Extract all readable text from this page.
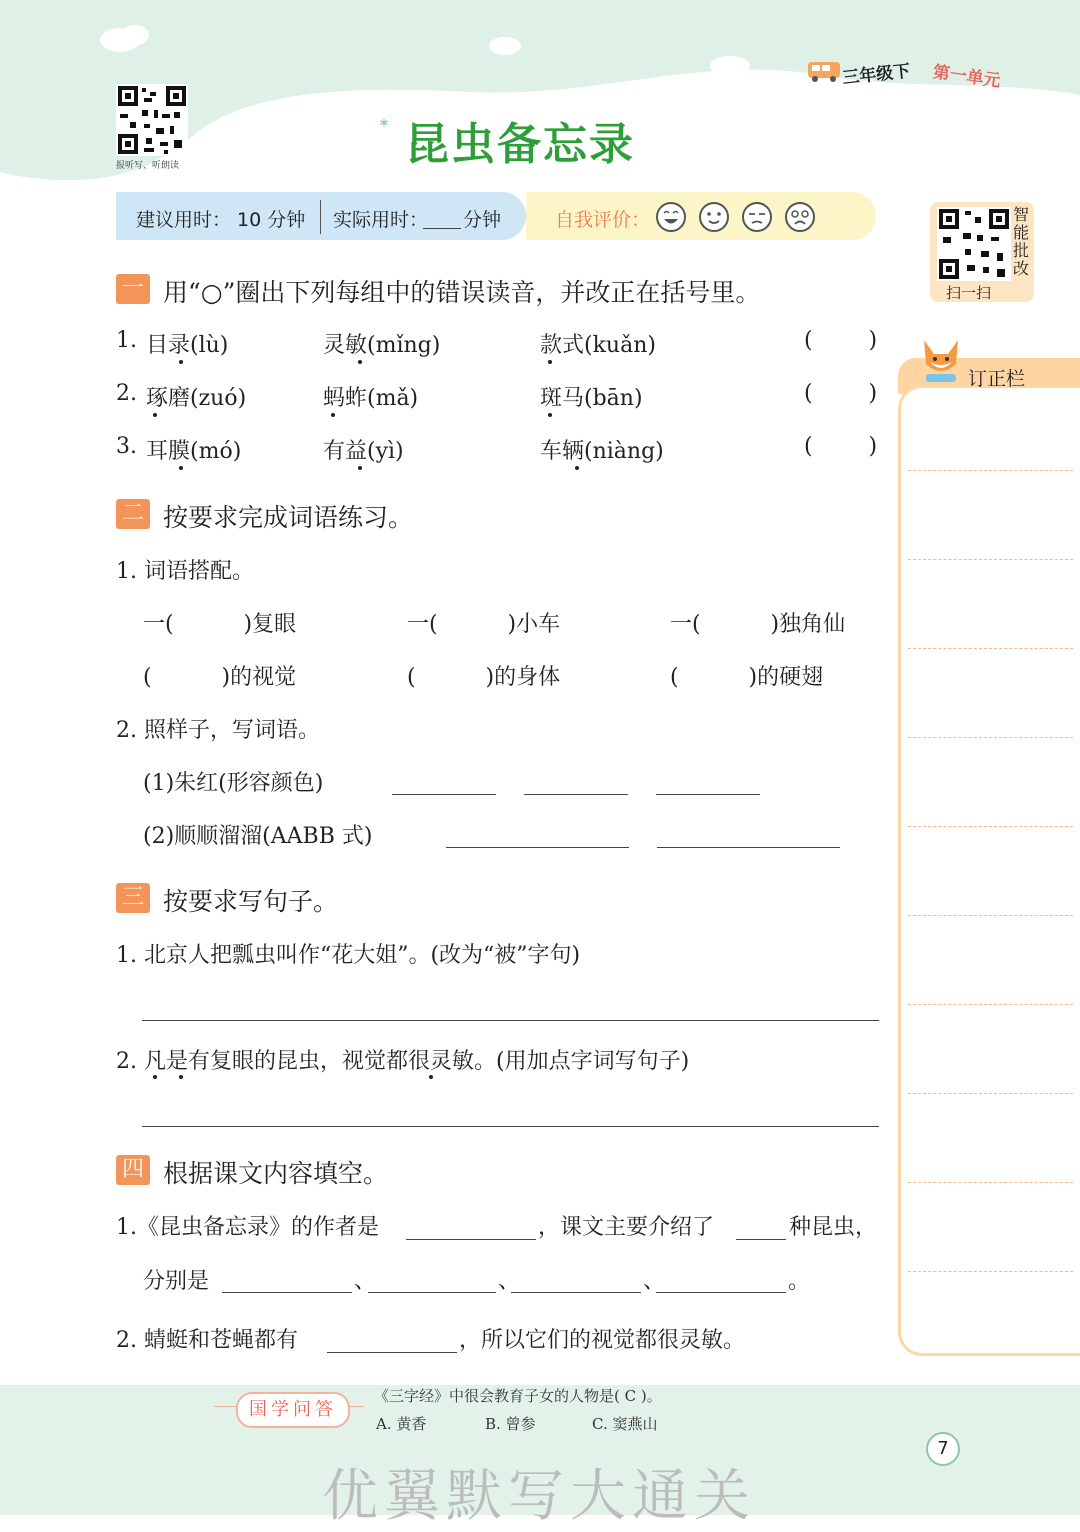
报听写、听朗读
三年级下 第一单元
* 昆虫备忘录
建议用时： 10 分钟 实际用时： 分钟	自我评价：	智能批改
扫一扫
订正栏
一 用“○”圈出下列每组中的错误读音，并改正在括号里。
1. 目录(lù)	灵敏(mǐng)	款式(kuǎn)	(        )
2. 琢磨(zuó)	蚂蚱(mǎ)	斑马(bān)	(        )
3. 耳膜(mó)	有益(yì)	车辆(niàng)	(        )
二 按要求完成词语练习。
1. 词语搭配。
一(          )复眼	一(          )小车	一(          )独角仙
(          )的视觉	(          )的身体	(          )的硬翅
2. 照样子，写词语。
(1)朱红(形容颜色)
(2)顺顺溜溜(AABB 式)
三 按要求写句子。
1. 北京人把瓢虫叫作“花大姐”。(改为“被”字句)
2. 凡是有复眼的昆虫，视觉都很灵敏。(用加点字词写句子)
四 根据课文内容填空。
1.《昆虫备忘录》的作者是	，课文主要介绍了	种昆虫，
分别是	、	、	、	。
2. 蜻蜓和苍蝇都有	，所以它们的视觉都很灵敏。
国学问答
《三字经》中很会教育子女的人物是( C )。
A. 黄香	B. 曾参	C. 窦燕山
7
优翼默写大通关
